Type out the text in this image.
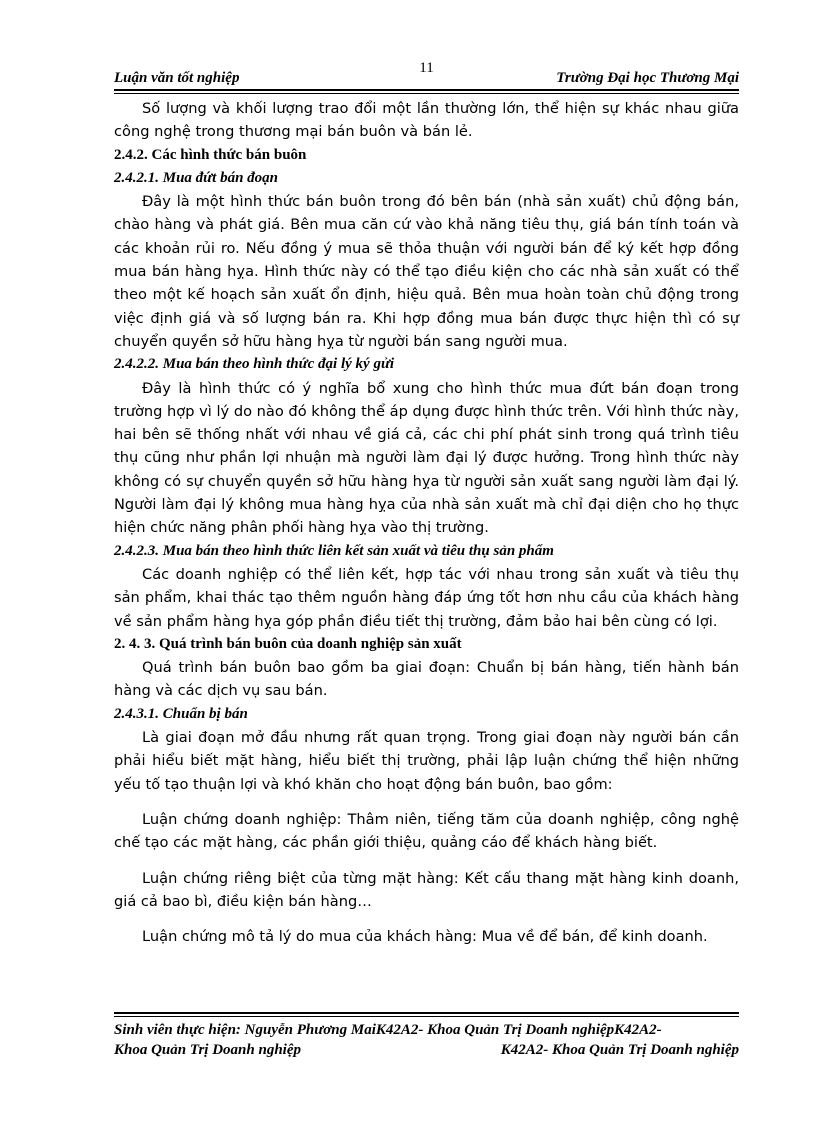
11
Luận văn tốt nghiệp	Trường Đại học Thương Mại

Số lượng và khối lượng trao đổi một lần thường lớn, thể hiện sự khác nhau giữa công nghệ trong thương mại bán buôn và bán lẻ.

2.4.2. Các hình thức bán buôn
2.4.2.1. Mua đứt bán đoạn

Đây là một hình thức bán buôn trong đó bên bán (nhà sản xuất) chủ động bán, chào hàng và phát giá. Bên mua căn cứ vào khả năng tiêu thụ, giá bán tính toán và các khoản rủi ro. Nếu đồng ý mua sẽ thỏa thuận với người bán để ký kết hợp đồng mua bán hàng hỵa. Hình thức này có thể tạo điều kiện cho các nhà sản xuất có thể theo một kế hoạch sản xuất ổn định, hiệu quả. Bên mua hoàn toàn chủ động trong việc định giá và số lượng bán ra. Khi hợp đồng mua bán được thực hiện thì có sự chuyển quyền sở hữu hàng hỵa từ người bán sang người mua.

2.4.2.2. Mua bán theo hình thức đại lý ký gửi

Đây là hình thức có ý nghĩa bổ xung cho hình thức mua đứt bán đoạn trong trường hợp vì lý do nào đó không thể áp dụng được hình thức trên. Với hình thức này, hai bên sẽ thống nhất với nhau về giá cả, các chi phí phát sinh trong quá trình tiêu thụ cũng như phần lợi nhuận mà người làm đại lý được hưởng. Trong hình thức này không có sự chuyển quyền sở hữu hàng hỵa từ người sản xuất sang người làm đại lý. Người làm đại lý không mua hàng hỵa của nhà sản xuất mà chỉ đại diện cho họ thực hiện chức năng phân phối hàng hỵa vào thị trường.

2.4.2.3. Mua bán theo hình thức liên kết sản xuất và tiêu thụ sản phẩm

Các doanh nghiệp có thể liên kết, hợp tác với nhau trong sản xuất và tiêu thụ sản phẩm, khai thác tạo thêm nguồn hàng đáp ứng tốt hơn nhu cầu của khách hàng về sản phẩm hàng hỵa góp phần điều tiết thị trường, đảm bảo hai bên cùng có lợi.

2. 4. 3. Quá trình bán buôn của doanh nghiệp sản xuất

Quá trình bán buôn bao gồm ba giai đoạn: Chuẩn bị bán hàng, tiến hành bán hàng và các dịch vụ sau bán.

2.4.3.1. Chuẩn bị bán

Là giai đoạn mở đầu nhưng rất quan trọng. Trong giai đoạn này người bán cần phải hiểu biết mặt hàng, hiểu biết thị trường, phải lập luận chứng thể hiện những yếu tố tạo thuận lợi và khó khăn cho hoạt động bán buôn, bao gồm:

Luận chứng doanh nghiệp: Thâm niên, tiếng tăm của doanh nghiệp, công nghệ chế tạo các mặt hàng, các phần giới thiệu, quảng cáo để khách hàng biết.

Luận chứng riêng biệt của từng mặt hàng: Kết cấu thang mặt hàng kinh doanh, giá cả bao bì, điều kiện bán hàng…

Luận chứng mô tả lý do mua của khách hàng: Mua về để bán, để kinh doanh.

Sinh viên thực hiện: Nguyễn Phương MaiK42A2- Khoa Quản Trị Doanh nghiệpK42A2-
Khoa Quản Trị Doanh nghiệp	K42A2- Khoa Quản Trị Doanh nghiệp
